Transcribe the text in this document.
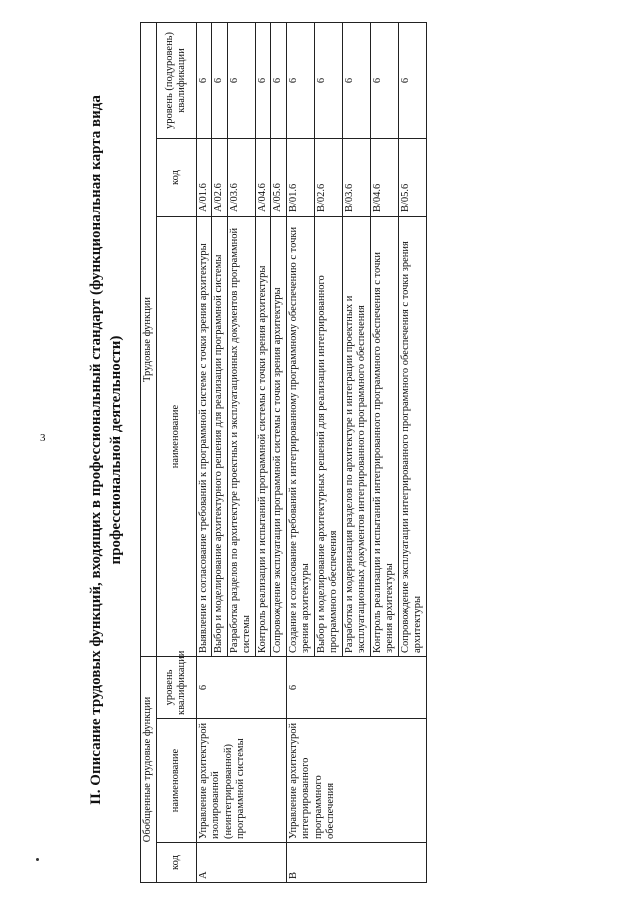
3	II. Описание трудовых функций, входящих в профессиональный стандарт (функциональная карта вида профессиональной деятельности)
Обобщенные трудовые функции			Трудовые функции		
код	наименование	уровень квалификации	наименование	код	уровень (подуровень) квалификации
A	Управление архитектурой изолированной (неинтегрированной) программной системы	6	Выявление и согласование требований к программной системе с точки зрения архитектуры	A/01.6	6
			Выбор и моделирование архитектурного решения для реализации программной системы	A/02.6	6
			Разработка разделов по архитектуре проектных и эксплуатационных документов программной системы	A/03.6	6
			Контроль реализации и испытаний программной системы с точки зрения архитектуры	A/04.6	6
			Сопровождение эксплуатации программной системы с точки зрения архитектуры	A/05.6	6
B	Управление архитектурой интегрированного программного обеспечения	6	Создание и согласование требований к интегрированному программному обеспечению с точки зрения архитектуры	B/01.6	6
			Выбор и моделирование архитектурных решений для реализации интегрированного программного обеспечения	B/02.6	6
			Разработка и модернизация разделов по архитектуре и интеграции проектных и эксплуатационных документов интегрированного программного обеспечения	B/03.6	6
			Контроль реализации и испытаний интегрированного программного обеспечения с точки зрения архитектуры	B/04.6	6
			Сопровождение эксплуатации интегрированного программного обеспечения с точки зрения архитектуры	B/05.6	6
